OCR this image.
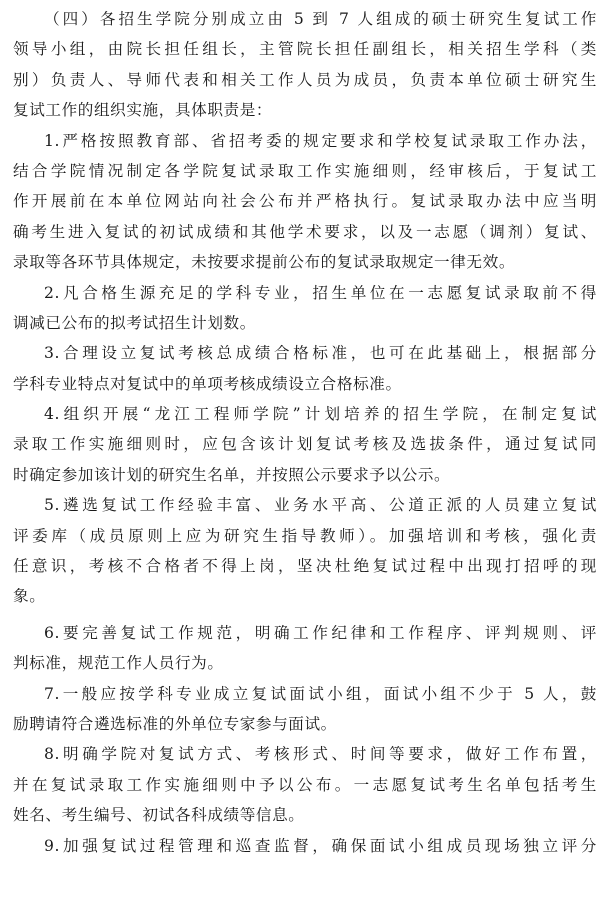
（四）各招生学院分别成立由 5 到 7 人组成的硕士研究生复试工作
领导小组，由院长担任组长，主管院长担任副组长，相关招生学科（类
别）负责人、导师代表和相关工作人员为成员，负责本单位硕士研究生
复试工作的组织实施，具体职责是：
1.严格按照教育部、省招考委的规定要求和学校复试录取工作办法，
结合学院情况制定各学院复试录取工作实施细则，经审核后，于复试工
作开展前在本单位网站向社会公布并严格执行。复试录取办法中应当明
确考生进入复试的初试成绩和其他学术要求，以及一志愿（调剂）复试、
录取等各环节具体规定，未按要求提前公布的复试录取规定一律无效。
2.凡合格生源充足的学科专业，招生单位在一志愿复试录取前不得
调减已公布的拟考试招生计划数。
3.合理设立复试考核总成绩合格标准，也可在此基础上，根据部分
学科专业特点对复试中的单项考核成绩设立合格标准。
4.组织开展“龙江工程师学院”计划培养的招生学院，在制定复试
录取工作实施细则时，应包含该计划复试考核及选拔条件，通过复试同
时确定参加该计划的研究生名单，并按照公示要求予以公示。
5.遴选复试工作经验丰富、业务水平高、公道正派的人员建立复试
评委库（成员原则上应为研究生指导教师）。加强培训和考核，强化责
任意识，考核不合格者不得上岗，坚决杜绝复试过程中出现打招呼的现
象。
6.要完善复试工作规范，明确工作纪律和工作程序、评判规则、评
判标准，规范工作人员行为。
7.一般应按学科专业成立复试面试小组，面试小组不少于 5 人，鼓
励聘请符合遴选标准的外单位专家参与面试。
8.明确学院对复试方式、考核形式、时间等要求，做好工作布置，
并在复试录取工作实施细则中予以公布。一志愿复试考生名单包括考生
姓名、考生编号、初试各科成绩等信息。
9.加强复试过程管理和巡查监督，确保面试小组成员现场独立评分
